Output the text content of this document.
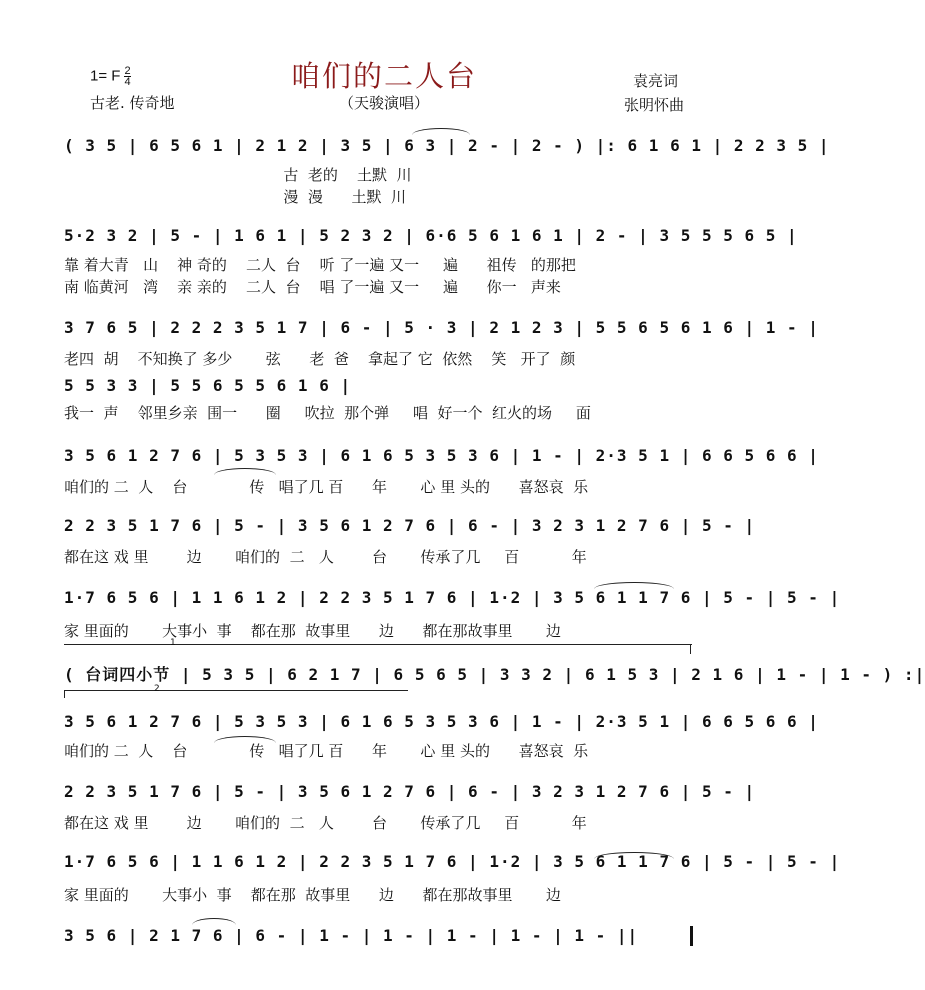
咱们的二人台
1= F $\frac{2}{4}$
古老. 传奇地	（天骏演唱）
袁亮词
张明怀曲
( 3 5 | 6 5 6 1 | 2 1 2 | 3 5 | 6 3 | 2 - | 2 - ) |: 6 1 6 1 | 2 2 3 5 |
古  老的    土默  川
漫  漫      土默  川
5·2 3 2 | 5 - | 1 6 1 | 5 2 3 2 | 6·6 5 6 1 6 1 | 2 - | 3 5 5 5 6 5 |
靠 着大青   山    神 奇的    二人  台    听 了一遍 又一     遍      祖传   的那把
南 临黄河   湾    亲 亲的    二人  台    唱 了一遍 又一     遍      你一   声来
3 7 6 5 | 2 2 2 3 5 1 7 | 6 - | 5 · 3 | 2 1 2 3 | 5 5 6 5 6 1 6 | 1 - |
老四  胡    不知换了 多少       弦      老  爸    拿起了 它  依然    笑   开了  颜
5 5 3 3 | 5 5 6 5 5 6 1 6 |
我一  声    邻里乡亲  围一      圈     吹拉  那个弹     唱  好一个  红火的场     面
3 5 6 1 2 7 6 | 5 3 5 3 | 6 1 6 5 3 5 3 6 | 1 - | 2·3 5 1 | 6 6 5 6 6 |
咱们的 二  人    台             传   唱了几 百      年       心 里 头的      喜怒哀  乐
2 2 3 5 1 7 6 | 5 - | 3 5 6 1 2 7 6 | 6 - | 3 2 3 1 2 7 6 | 5 - |
都在这 戏 里        边       咱们的  二   人        台       传承了几     百           年
1·7 6 5 6 | 1 1 6 1 2 | 2 2 3 5 1 7 6 | 1·2 | 3 5 6 1 1 7 6 | 5 - | 5 - |
家 里面的       大事小  事    都在那  故事里      边      都在那故事里       边
1
( 台词四小节 | 5 3 5 | 6 2 1 7 | 6 5 6 5 | 3 3 2 | 6 1 5 3 | 2 1 6 | 1 - | 1 - ) :|
2
3 5 6 1 2 7 6 | 5 3 5 3 | 6 1 6 5 3 5 3 6 | 1 - | 2·3 5 1 | 6 6 5 6 6 |
咱们的 二  人    台             传   唱了几 百      年       心 里 头的      喜怒哀  乐
2 2 3 5 1 7 6 | 5 - | 3 5 6 1 2 7 6 | 6 - | 3 2 3 1 2 7 6 | 5 - |
都在这 戏 里        边       咱们的  二   人        台       传承了几     百           年
1·7 6 5 6 | 1 1 6 1 2 | 2 2 3 5 1 7 6 | 1·2 | 3 5 6 1 1 7 6 | 5 - | 5 - |
家 里面的       大事小  事    都在那  故事里      边      都在那故事里       边
3 5 6 | 2 1 7 6 | 6 - | 1 - | 1 - | 1 - | 1 - | 1 - ||
